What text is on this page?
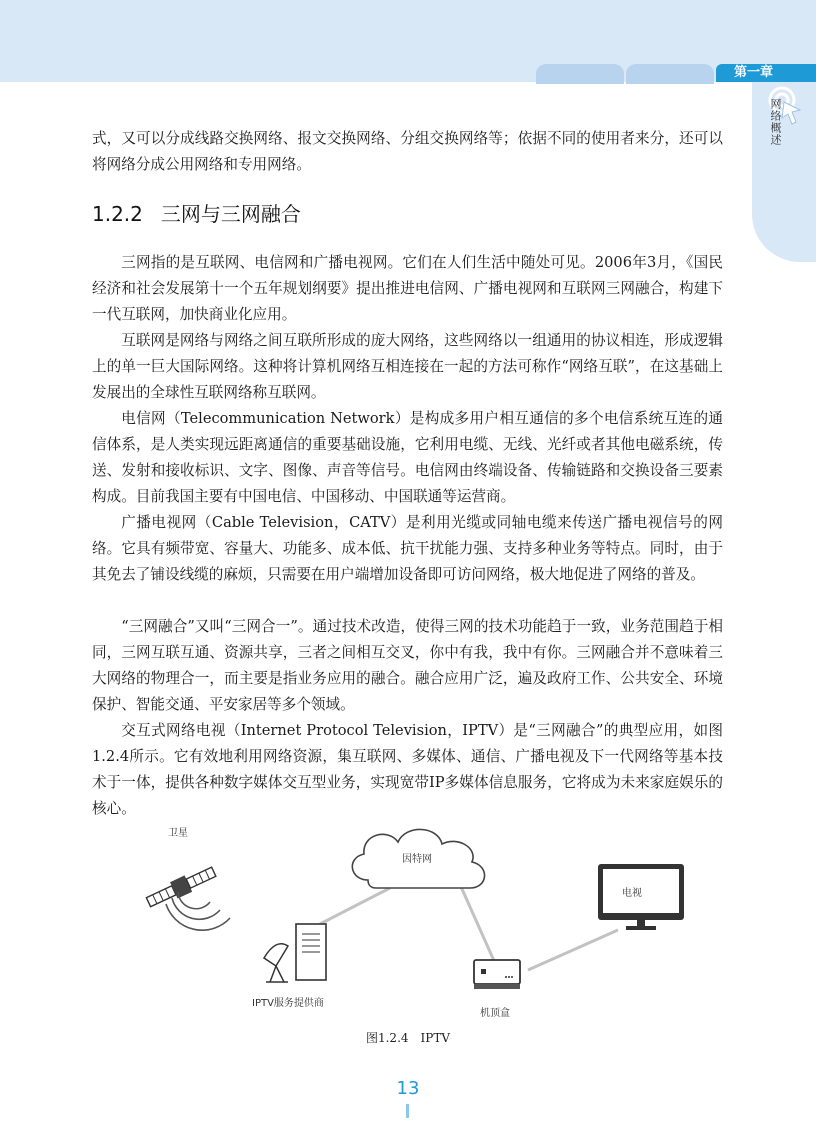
第一章
网络概述

式，又可以分成线路交换网络、报文交换网络、分组交换网络等；依据不同的使用者来分，还可以将网络分成公用网络和专用网络。

1.2.2 三网与三网融合

三网指的是互联网、电信网和广播电视网。它们在人们生活中随处可见。2006年3月，《国民经济和社会发展第十一个五年规划纲要》提出推进电信网、广播电视网和互联网三网融合，构建下一代互联网，加快商业化应用。

互联网是网络与网络之间互联所形成的庞大网络，这些网络以一组通用的协议相连，形成逻辑上的单一巨大国际网络。这种将计算机网络互相连接在一起的方法可称作“网络互联”，在这基础上发展出的全球性互联网络称互联网。

电信网（Telecommunication Network）是构成多用户相互通信的多个电信系统互连的通信体系，是人类实现远距离通信的重要基础设施，它利用电缆、无线、光纤或者其他电磁系统，传送、发射和接收标识、文字、图像、声音等信号。电信网由终端设备、传输链路和交换设备三要素构成。目前我国主要有中国电信、中国移动、中国联通等运营商。

广播电视网（Cable Television，CATV）是利用光缆或同轴电缆来传送广播电视信号的网络。它具有频带宽、容量大、功能多、成本低、抗干扰能力强、支持多种业务等特点。同时，由于其免去了铺设线缆的麻烦，只需要在用户端增加设备即可访问网络，极大地促进了网络的普及。

“三网融合”又叫“三网合一”。通过技术改造，使得三网的技术功能趋于一致，业务范围趋于相同，三网互联互通、资源共享，三者之间相互交叉，你中有我，我中有你。三网融合并不意味着三大网络的物理合一，而主要是指业务应用的融合。融合应用广泛，遍及政府工作、公共安全、环境保护、智能交通、平安家居等多个领域。

交互式网络电视（Internet Protocol Television，IPTV）是“三网融合”的典型应用，如图1.2.4所示。它有效地利用网络资源，集互联网、多媒体、通信、广播电视及下一代网络等基本技术于一体，提供各种数字媒体交互型业务，实现宽带IP多媒体信息服务，它将成为未来家庭娱乐的核心。

卫星
因特网
电视
IPTV服务提供商
机顶盒
图1.2.4 IPTV
13
